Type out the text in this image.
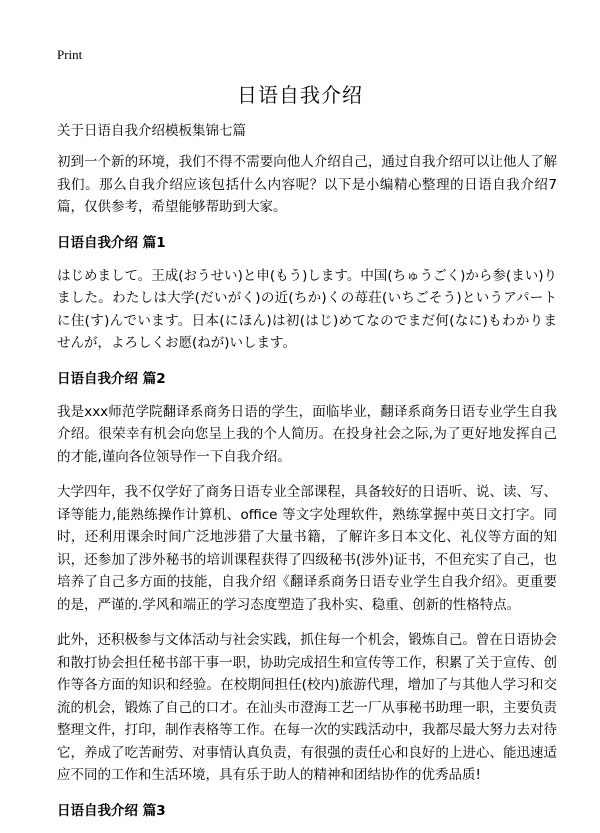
Print
日语自我介绍
关于日语自我介绍模板集锦七篇

初到一个新的环境，我们不得不需要向他人介绍自己，通过自我介绍可以让他人了解我们。那么自我介绍应该包括什么内容呢？以下是小编精心整理的日语自我介绍7篇，仅供参考，希望能够帮助到大家。

日语自我介绍 篇1

はじめまして。王成(おうせい)と申(もう)します。中国(ちゅうごく)から参(まい)りました。わたしは大学(だいがく)の近(ちか)くの苺荘(いちごそう)というアパートに住(す)んでいます。日本(にほん)は初(はじ)めてなのでまだ何(なに)もわかりませんが，よろしくお愿(ねが)いします。

日语自我介绍 篇2

我是xxx师范学院翻译系商务日语的学生，面临毕业，翻译系商务日语专业学生自我介绍。很荣幸有机会向您呈上我的个人简历。在投身社会之际,为了更好地发挥自己的才能,谨向各位领导作一下自我介绍。

大学四年，我不仅学好了商务日语专业全部课程，具备较好的日语听、说、读、写、译等能力,能熟练操作计算机、office 等文字处理软件，熟练掌握中英日文打字。同时，还利用课余时间广泛地涉猎了大量书籍，了解许多日本文化、礼仪等方面的知识，还参加了涉外秘书的培训课程获得了四级秘书(涉外)证书，不但充实了自己，也培养了自己多方面的技能，自我介绍《翻译系商务日语专业学生自我介绍》。更重要的是，严谨的.学风和端正的学习态度塑造了我朴实、稳重、创新的性格特点。

此外，还积极参与文体活动与社会实践，抓住每一个机会，锻炼自己。曾在日语协会和散打协会担任秘书部干事一职，协助完成招生和宣传等工作，积累了关于宣传、创作等各方面的知识和经验。在校期间担任(校内)旅游代理，增加了与其他人学习和交流的机会，锻炼了自己的口才。在汕头市澄海工艺一厂从事秘书助理一职，主要负责整理文件，打印，制作表格等工作。在每一次的实践活动中，我都尽最大努力去对待它，养成了吃苦耐劳、对事情认真负责，有很强的责任心和良好的上进心、能迅速适应不同的工作和生活环境，具有乐于助人的精神和团结协作的优秀品质!

日语自我介绍 篇3
